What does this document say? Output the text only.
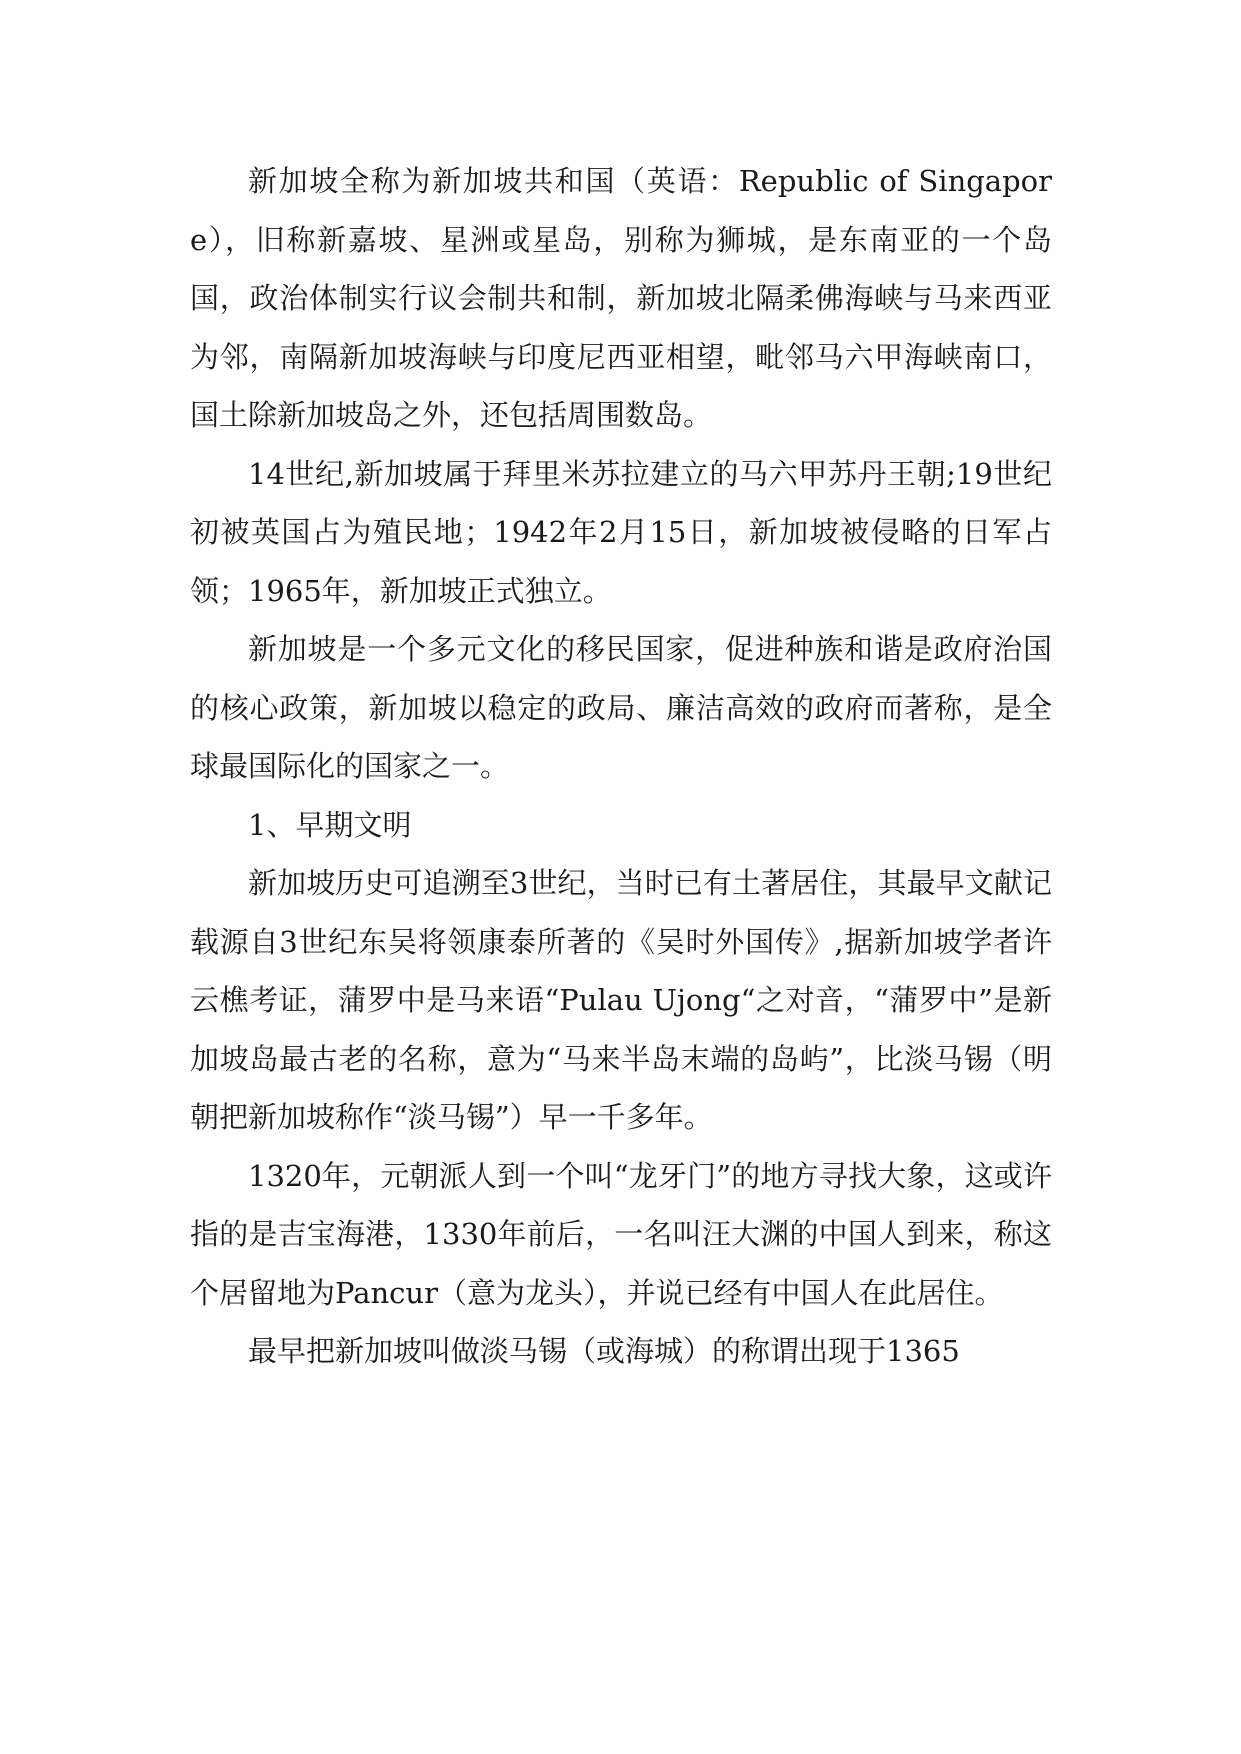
新加坡全称为新加坡共和国（英语：Republic of Singapore），旧称新嘉坡、星洲或星岛，别称为狮城，是东南亚的一个岛国，政治体制实行议会制共和制，新加坡北隔柔佛海峡与马来西亚为邻，南隔新加坡海峡与印度尼西亚相望，毗邻马六甲海峡南口，国土除新加坡岛之外，还包括周围数岛。

14世纪,新加坡属于拜里米苏拉建立的马六甲苏丹王朝;19世纪初被英国占为殖民地；1942年2月15日，新加坡被侵略的日军占领；1965年，新加坡正式独立。

新加坡是一个多元文化的移民国家，促进种族和谐是政府治国的核心政策，新加坡以稳定的政局、廉洁高效的政府而著称，是全球最国际化的国家之一。

1、早期文明

新加坡历史可追溯至3世纪，当时已有土著居住，其最早文献记载源自3世纪东吴将领康泰所著的《吴时外国传》,据新加坡学者许云樵考证，蒲罗中是马来语“Pulau Ujong“之对音，“蒲罗中”是新加坡岛最古老的名称，意为“马来半岛末端的岛屿”，比淡马锡（明朝把新加坡称作“淡马锡”）早一千多年。

1320年，元朝派人到一个叫“龙牙门”的地方寻找大象，这或许指的是吉宝海港，1330年前后，一名叫汪大渊的中国人到来，称这个居留地为Pancur（意为龙头），并说已经有中国人在此居住。

最早把新加坡叫做淡马锡（或海城）的称谓出现于1365
